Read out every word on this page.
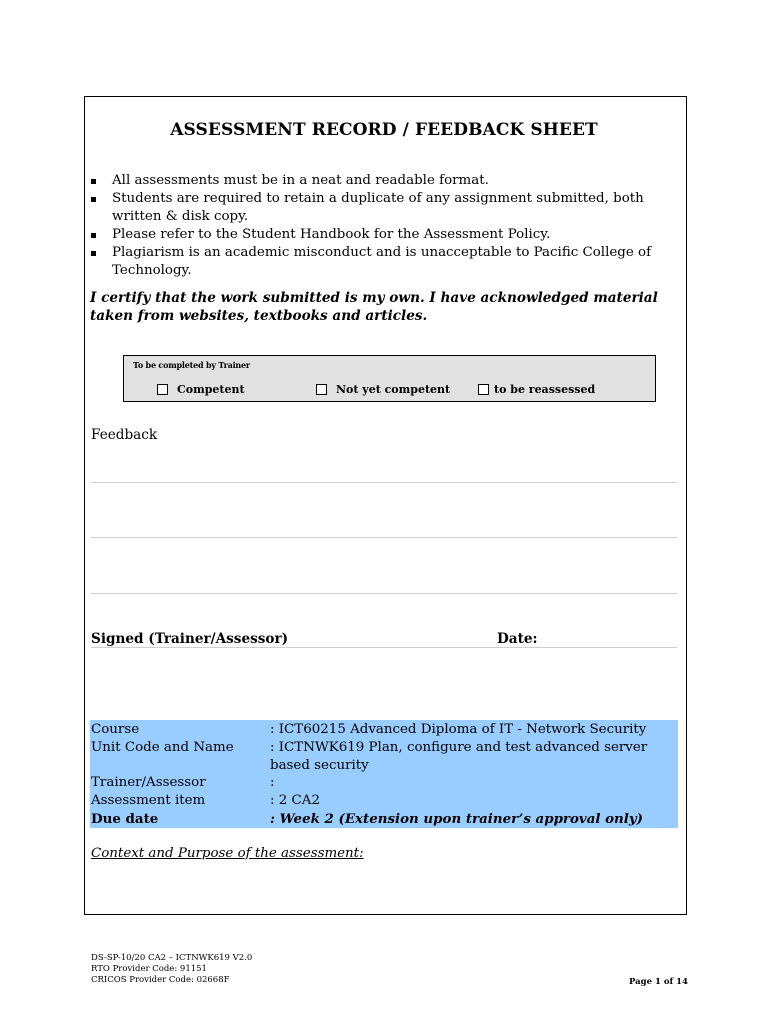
ASSESSMENT RECORD / FEEDBACK SHEET
All assessments must be in a neat and readable format.
Students are required to retain a duplicate of any assignment submitted, both written & disk copy.
Please refer to the Student Handbook for the Assessment Policy.
Plagiarism is an academic misconduct and is unacceptable to Pacific College of Technology.
I certify that the work submitted is my own. I have acknowledged material taken from websites, textbooks and articles.
To be completed by Trainer
Competent	Not yet competent	to be reassessed
Feedback
Signed (Trainer/Assessor)	Date:
Course	: ICT60215 Advanced Diploma of IT - Network Security
Unit Code and Name	: ICTNWK619 Plan, configure and test advanced server based security
Trainer/Assessor	:
Assessment item	: 2 CA2
Due date	: Week 2 (Extension upon trainer’s approval only)
Context and Purpose of the assessment:
DS-SP-10/20 CA2 – ICTNWK619 V2.0
RTO Provider Code: 91151
CRICOS Provider Code: 02668F	Page 1 of 14
